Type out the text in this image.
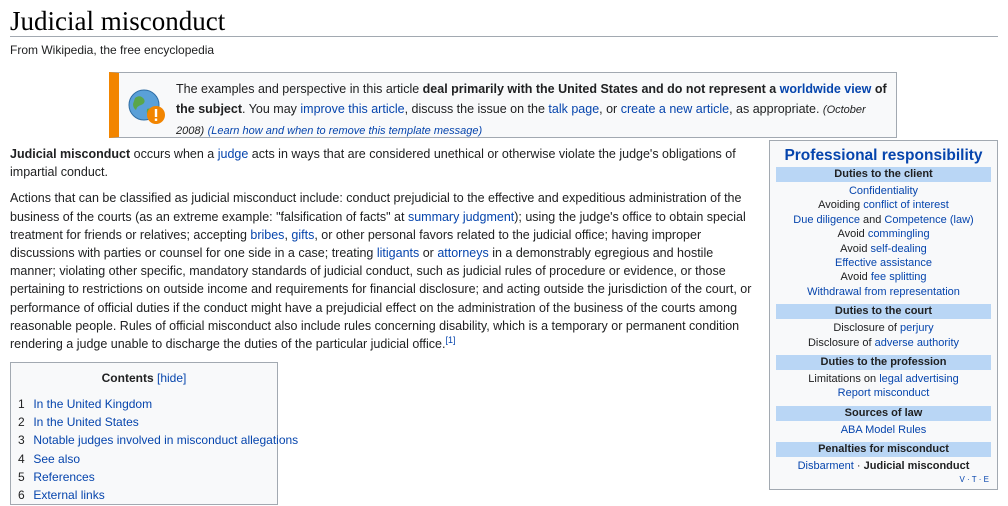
Judicial misconduct
From Wikipedia, the free encyclopedia
The examples and perspective in this article deal primarily with the United States and do not represent a worldwide view of the subject. You may improve this article, discuss the issue on the talk page, or create a new article, as appropriate. (October 2008) (Learn how and when to remove this template message)

Judicial misconduct occurs when a judge acts in ways that are considered unethical or otherwise violate the judge's obligations of impartial conduct.

Actions that can be classified as judicial misconduct include: conduct prejudicial to the effective and expeditious administration of the business of the courts (as an extreme example: "falsification of facts" at summary judgment); using the judge's office to obtain special treatment for friends or relatives; accepting bribes, gifts, or other personal favors related to the judicial office; having improper discussions with parties or counsel for one side in a case; treating litigants or attorneys in a demonstrably egregious and hostile manner; violating other specific, mandatory standards of judicial conduct, such as judicial rules of procedure or evidence, or those pertaining to restrictions on outside income and requirements for financial disclosure; and acting outside the jurisdiction of the court, or performance of official duties if the conduct might have a prejudicial effect on the administration of the business of the courts among reasonable people. Rules of official misconduct also include rules concerning disability, which is a temporary or permanent condition rendering a judge unable to discharge the duties of the particular judicial office.[1]

Contents [hide]
1 In the United Kingdom
2 In the United States
3 Notable judges involved in misconduct allegations
4 See also
5 References
6 External links
Professional responsibility
Duties to the client
Confidentiality
Avoiding conflict of interest
Due diligence and Competence (law)
Avoid commingling
Avoid self-dealing
Effective assistance
Avoid fee splitting
Withdrawal from representation
Duties to the court
Disclosure of perjury
Disclosure of adverse authority
Duties to the profession
Limitations on legal advertising
Report misconduct
Sources of law
ABA Model Rules
Penalties for misconduct
Disbarment · Judicial misconduct
V · T · E
